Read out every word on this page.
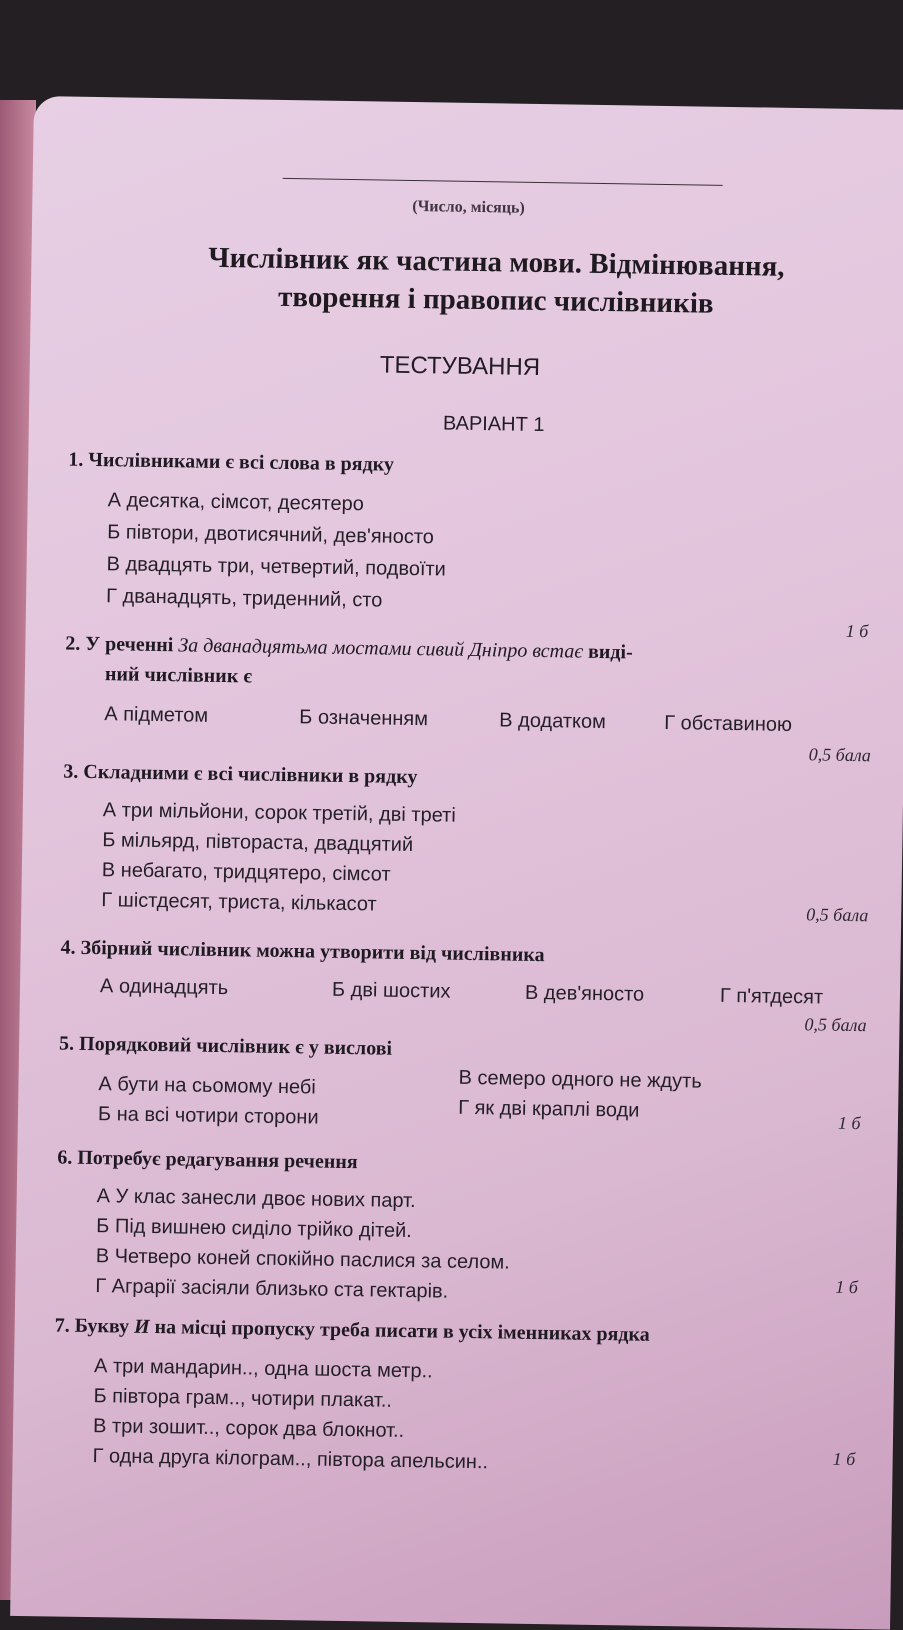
(Число, місяць)
Числівник як частина мови. Відмінювання,
творення і правопис числівників
ТЕСТУВАННЯ
ВАРІАНТ 1
1. Числівниками є всі слова в рядку
А десятка, сімсот, десятеро
Б півтори, двотисячний, дев'яносто
В двадцять три, четвертий, подвоїти
Г дванадцять, триденний, сто
1 б
2. У реченні За дванадцятьма мостами сивий Дніпро встає виді-
ний числівник є
А підметом	Б означенням	В додатком	Г обставиною
0,5 бала
3. Складними є всі числівники в рядку
А три мільйони, сорок третій, дві треті
Б мільярд, півтораста, двадцятий
В небагато, тридцятеро, сімсот
Г шістдесят, триста, кількасот	0,5 бала
4. Збірний числівник можна утворити від числівника
А одинадцять	Б дві шостих	В дев'яносто	Г п'ятдесят
0,5 бала
5. Порядковий числівник є у вислові
А бути на сьомому небі
Б на всі чотири сторони
В семеро одного не ждуть
Г як дві краплі води
1 б
6. Потребує редагування речення
А У клас занесли двоє нових парт.
Б Під вишнею сиділо трійко дітей.
В Четверо коней спокійно паслися за селом.
Г Аграрії засіяли близько ста гектарів.	1 б
7. Букву И на місці пропуску треба писати в усіх іменниках рядка
А три мандарин.., одна шоста метр..
Б півтора грам.., чотири плакат..
В три зошит.., сорок два блокнот..
Г одна друга кілограм.., півтора апельсин..	1 б
